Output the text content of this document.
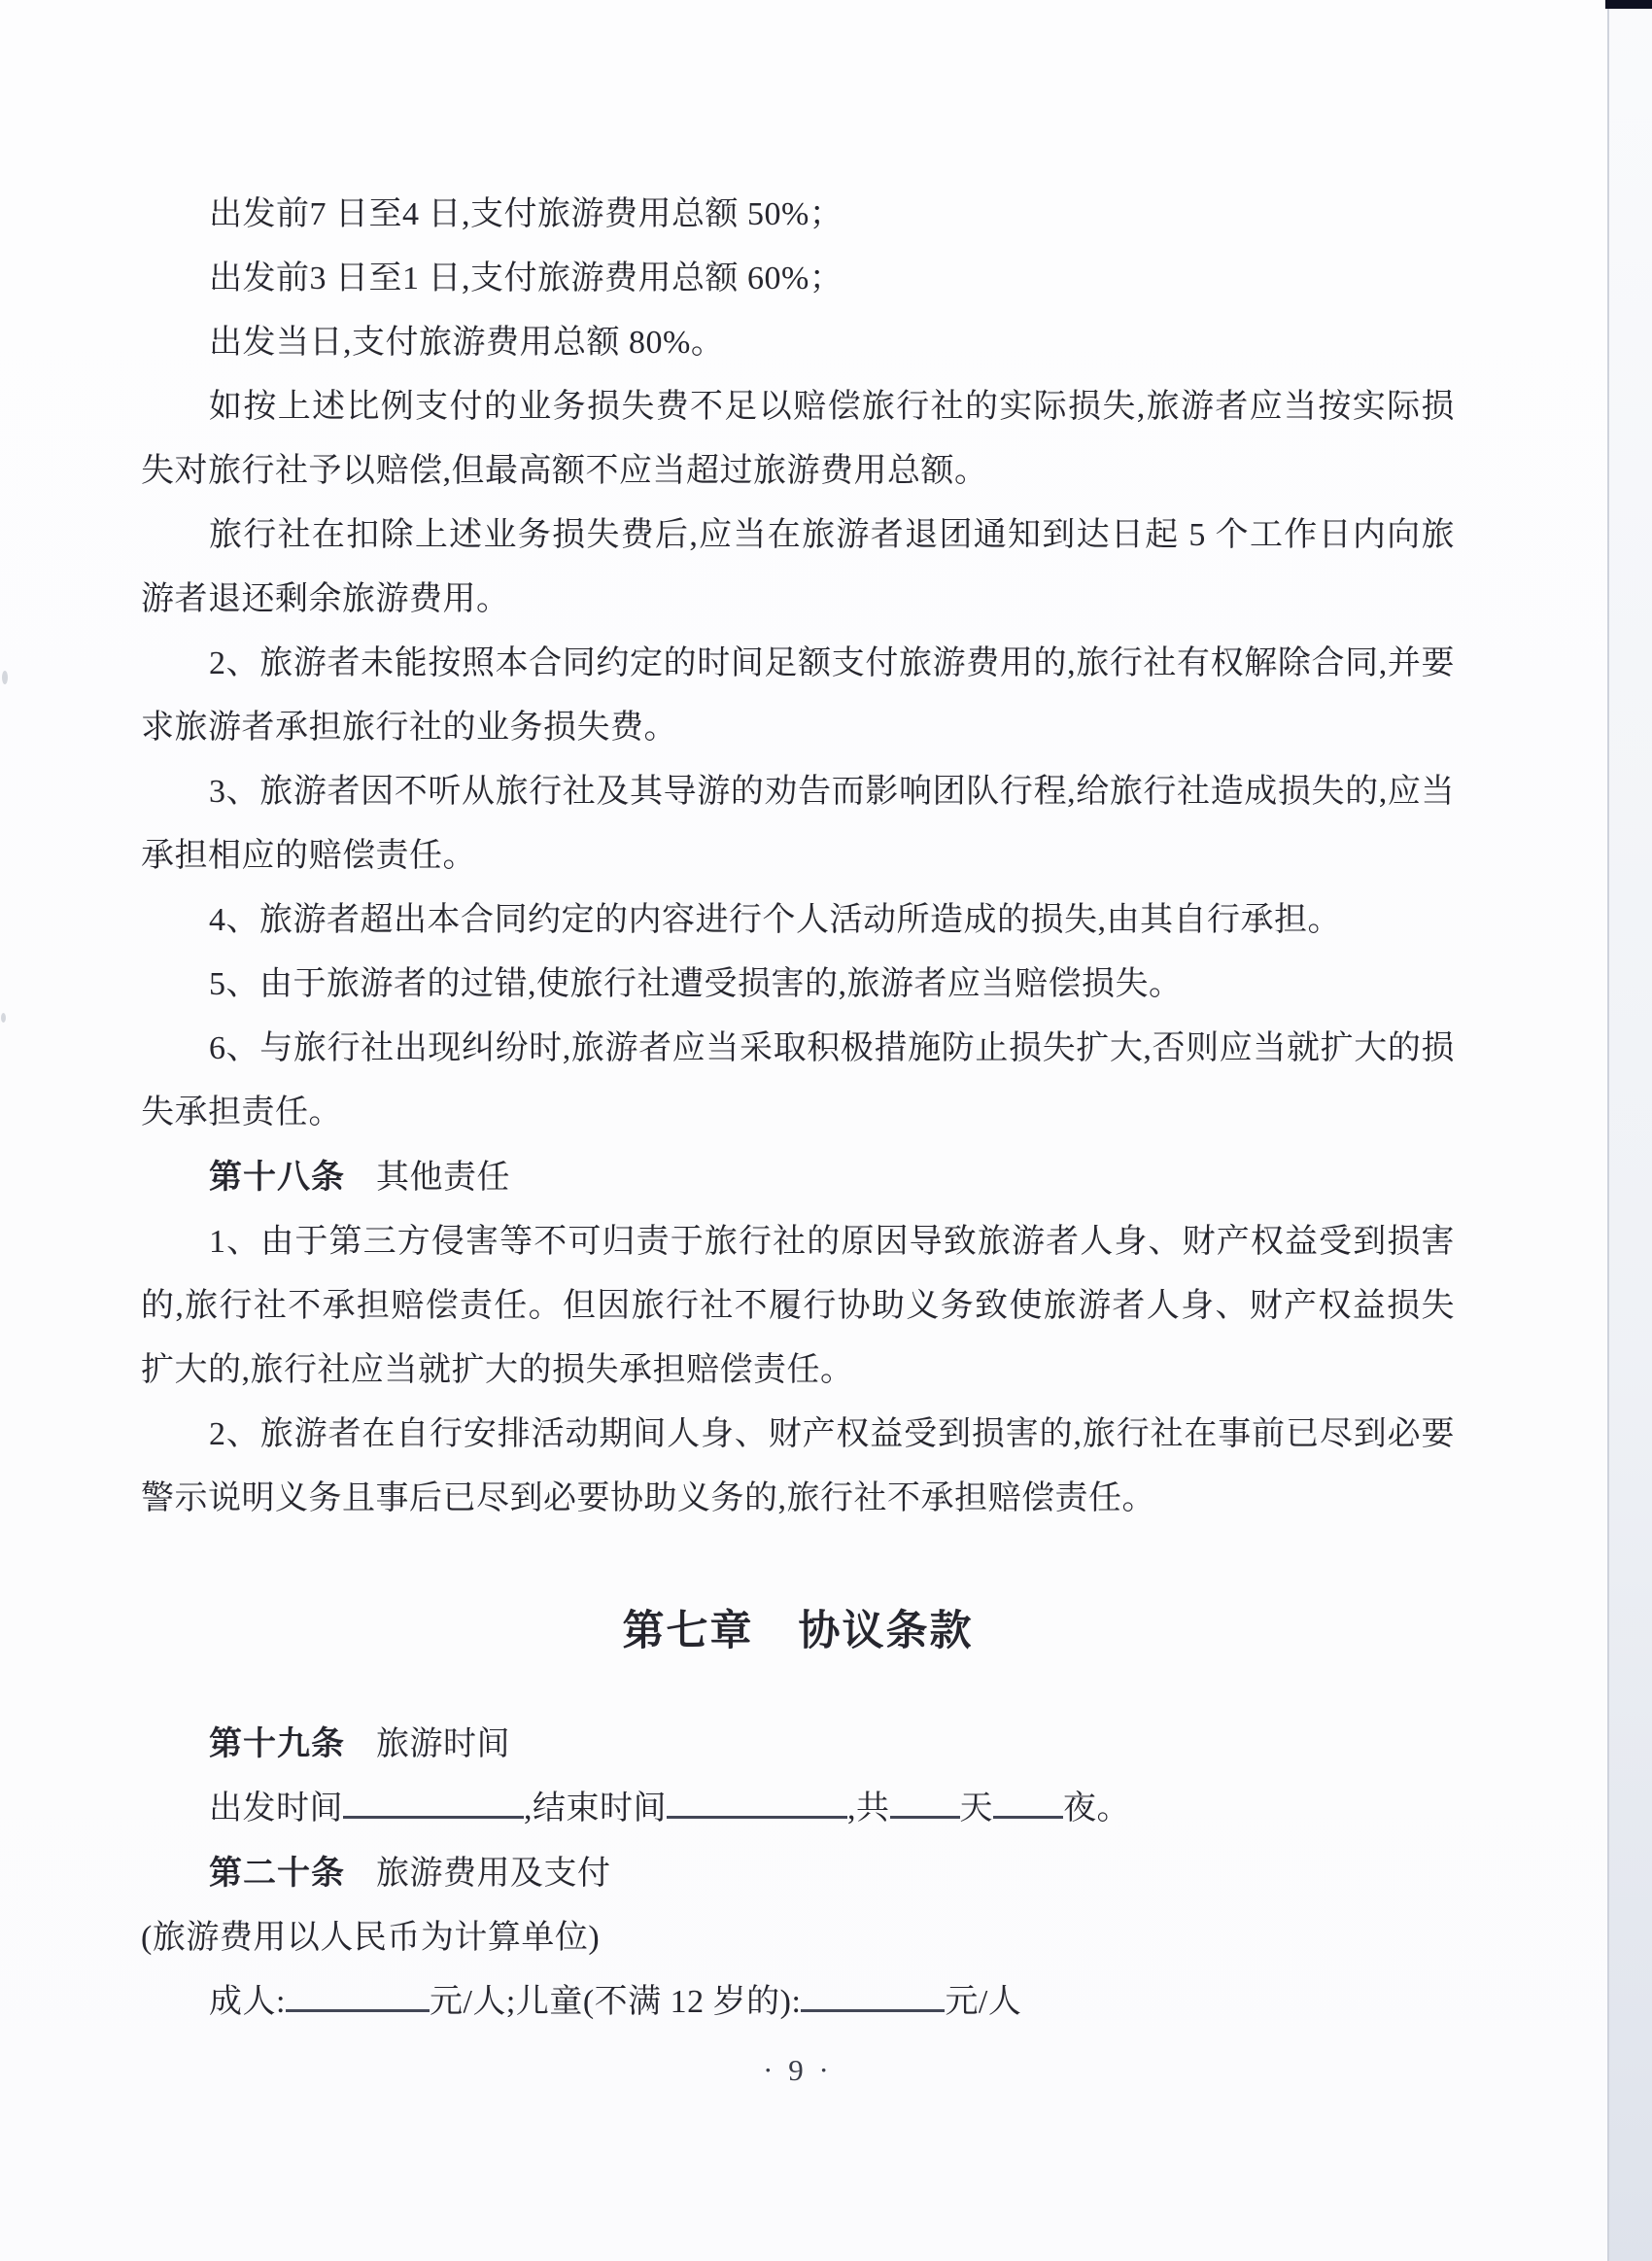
出发前7 日至4 日,支付旅游费用总额 50%；

出发前3 日至1 日,支付旅游费用总额 60%；

出发当日,支付旅游费用总额 80%。

如按上述比例支付的业务损失费不足以赔偿旅行社的实际损失,旅游者应当按实际损失对旅行社予以赔偿,但最高额不应当超过旅游费用总额。

旅行社在扣除上述业务损失费后,应当在旅游者退团通知到达日起 5 个工作日内向旅游者退还剩余旅游费用。

2、旅游者未能按照本合同约定的时间足额支付旅游费用的,旅行社有权解除合同,并要求旅游者承担旅行社的业务损失费。

3、旅游者因不听从旅行社及其导游的劝告而影响团队行程,给旅行社造成损失的,应当承担相应的赔偿责任。

4、旅游者超出本合同约定的内容进行个人活动所造成的损失,由其自行承担。

5、由于旅游者的过错,使旅行社遭受损害的,旅游者应当赔偿损失。

6、与旅行社出现纠纷时,旅游者应当采取积极措施防止损失扩大,否则应当就扩大的损失承担责任。

第十八条 其他责任

1、由于第三方侵害等不可归责于旅行社的原因导致旅游者人身、财产权益受到损害的,旅行社不承担赔偿责任。但因旅行社不履行协助义务致使旅游者人身、财产权益损失扩大的,旅行社应当就扩大的损失承担赔偿责任。

2、旅游者在自行安排活动期间人身、财产权益受到损害的,旅行社在事前已尽到必要警示说明义务且事后已尽到必要协助义务的,旅行社不承担赔偿责任。

第七章 协议条款

第十九条 旅游时间

出发时间	,结束时间	,共 天 夜。

第二十条 旅游费用及支付

(旅游费用以人民币为计算单位)

成人:	元/人;儿童(不满 12 岁的):	元/人

· 9 ·
